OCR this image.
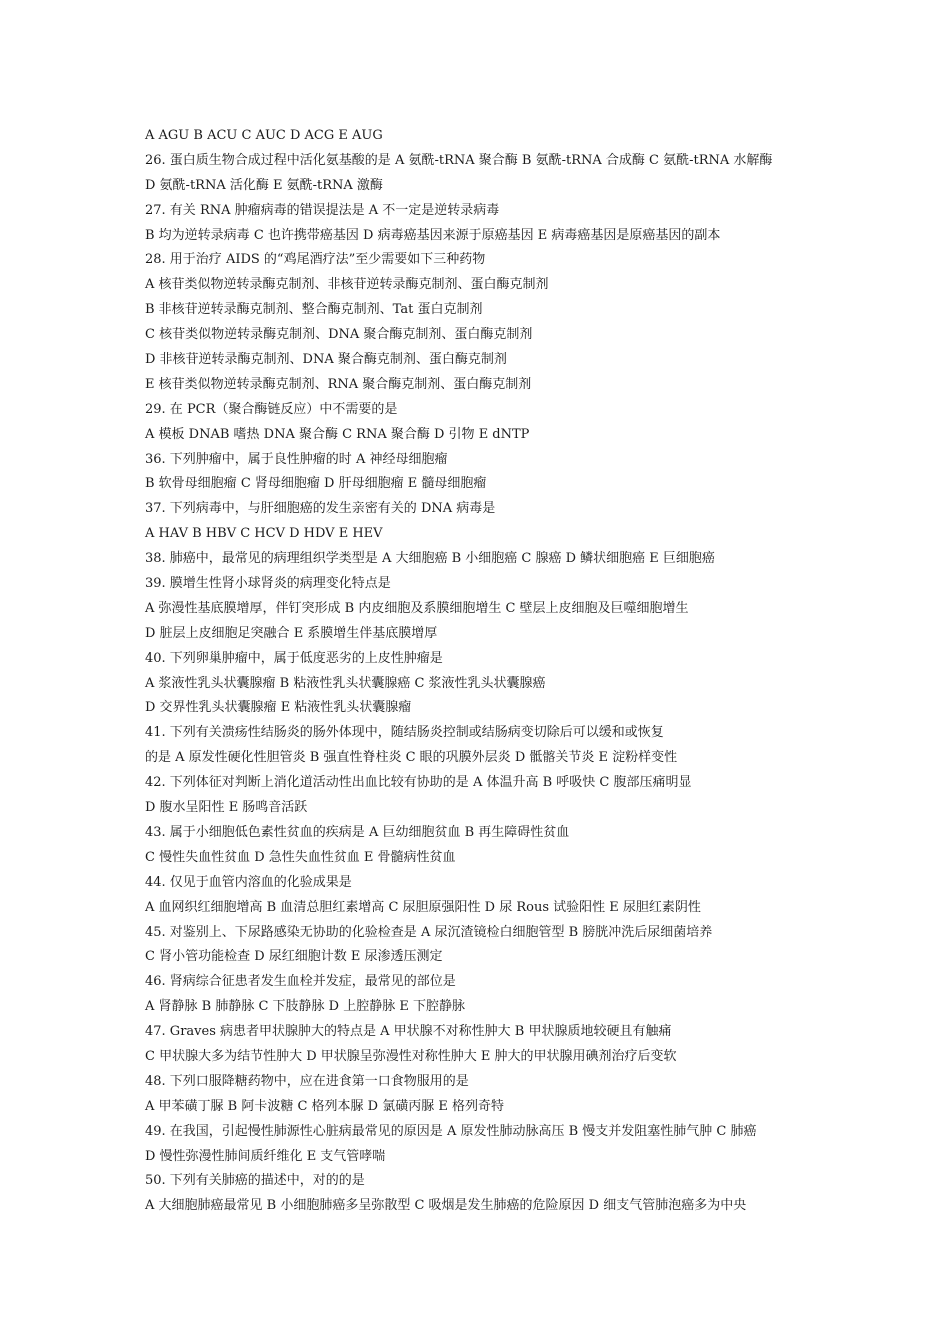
A AGU B ACU C AUC D ACG E AUG
26. 蛋白质生物合成过程中活化氨基酸的是 A 氨酰-tRNA 聚合酶 B 氨酰-tRNA 合成酶 C 氨酰-tRNA 水解酶
D 氨酰-tRNA 活化酶 E 氨酰-tRNA 激酶
27. 有关 RNA 肿瘤病毒的错误提法是 A 不一定是逆转录病毒
B 均为逆转录病毒 C 也许携带癌基因 D 病毒癌基因来源于原癌基因 E 病毒癌基因是原癌基因的副本
28. 用于治疗 AIDS 的“鸡尾酒疗法”至少需要如下三种药物
A 核苷类似物逆转录酶克制剂、非核苷逆转录酶克制剂、蛋白酶克制剂
B 非核苷逆转录酶克制剂、整合酶克制剂、Tat 蛋白克制剂
C 核苷类似物逆转录酶克制剂、DNA 聚合酶克制剂、蛋白酶克制剂
D 非核苷逆转录酶克制剂、DNA 聚合酶克制剂、蛋白酶克制剂
E 核苷类似物逆转录酶克制剂、RNA 聚合酶克制剂、蛋白酶克制剂
29. 在 PCR（聚合酶链反应）中不需要的是
A 模板 DNAB 嗜热 DNA 聚合酶 C RNA 聚合酶 D 引物 E dNTP
36. 下列肿瘤中，属于良性肿瘤的时 A 神经母细胞瘤
B 软骨母细胞瘤 C 肾母细胞瘤 D 肝母细胞瘤 E 髓母细胞瘤
37. 下列病毒中，与肝细胞癌的发生亲密有关的 DNA 病毒是
A HAV B HBV C HCV D HDV E HEV
38. 肺癌中，最常见的病理组织学类型是 A 大细胞癌 B 小细胞癌 C 腺癌 D 鳞状细胞癌 E 巨细胞癌
39. 膜增生性肾小球肾炎的病理变化特点是
A 弥漫性基底膜增厚，伴钉突形成 B 内皮细胞及系膜细胞增生 C 壁层上皮细胞及巨噬细胞增生
D 脏层上皮细胞足突融合 E 系膜增生伴基底膜增厚
40. 下列卵巢肿瘤中，属于低度恶劣的上皮性肿瘤是
A 浆液性乳头状囊腺瘤 B 粘液性乳头状囊腺癌 C 浆液性乳头状囊腺癌
D 交界性乳头状囊腺瘤 E 粘液性乳头状囊腺瘤
41. 下列有关溃疡性结肠炎的肠外体现中，随结肠炎控制或结肠病变切除后可以缓和或恢复
的是 A 原发性硬化性胆管炎 B 强直性脊柱炎 C 眼的巩膜外层炎 D 骶髂关节炎 E 淀粉样变性
42. 下列体征对判断上消化道活动性出血比较有协助的是 A 体温升高 B 呼吸快 C 腹部压痛明显
D 腹水呈阳性 E 肠鸣音活跃
43. 属于小细胞低色素性贫血的疾病是 A 巨幼细胞贫血 B 再生障碍性贫血
C 慢性失血性贫血 D 急性失血性贫血 E 骨髓病性贫血
44. 仅见于血管内溶血的化验成果是
A 血网织红细胞增高 B 血清总胆红素增高 C 尿胆原强阳性 D 尿 Rous 试验阳性 E 尿胆红素阴性
45. 对鉴别上、下尿路感染无协助的化验检查是 A 尿沉渣镜检白细胞管型 B 膀胱冲洗后尿细菌培养
C 肾小管功能检查 D 尿红细胞计数 E 尿渗透压测定
46. 肾病综合征患者发生血栓并发症，最常见的部位是
A 肾静脉 B 肺静脉 C 下肢静脉 D 上腔静脉 E 下腔静脉
47. Graves 病患者甲状腺肿大的特点是 A 甲状腺不对称性肿大 B 甲状腺质地较硬且有触痛
C 甲状腺大多为结节性肿大 D 甲状腺呈弥漫性对称性肿大 E 肿大的甲状腺用碘剂治疗后变软
48. 下列口服降糖药物中，应在进食第一口食物服用的是
A 甲苯磺丁脲 B 阿卡波糖 C 格列本脲 D 氯磺丙脲 E 格列奇特
49. 在我国，引起慢性肺源性心脏病最常见的原因是 A 原发性肺动脉高压 B 慢支并发阻塞性肺气肿 C 肺癌
D 慢性弥漫性肺间质纤维化 E 支气管哮喘
50. 下列有关肺癌的描述中，对的的是
A 大细胞肺癌最常见 B 小细胞肺癌多呈弥散型 C 吸烟是发生肺癌的危险原因 D 细支气管肺泡癌多为中央
